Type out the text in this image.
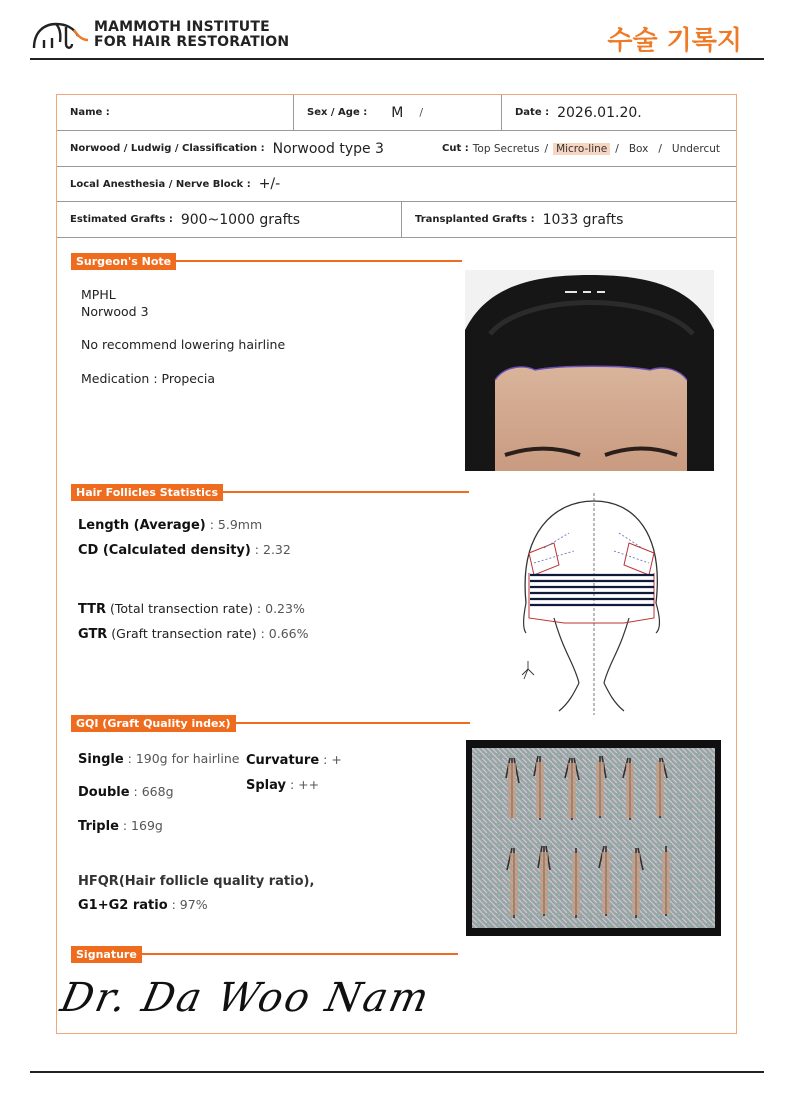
MAMMOTH INSTITUTE
FOR HAIR RESTORATION	수술 기록지
Name :	Sex / Age : M /	Date : 2026.01.20.
Norwood / Ludwig / Classification : Norwood type 3	Cut : Top Secretus / Micro-line / Box / Undercut
Local Anesthesia / Nerve Block : +/-
Estimated Grafts : 900~1000 grafts	Transplanted Grafts : 1033 grafts
Surgeon's Note
MPHL
Norwood 3
No recommend lowering hairline
Medication : Propecia
Hair Follicles Statistics
Length (Average) : 5.9mm
CD (Calculated density) : 2.32
TTR (Total transection rate) : 0.23%
GTR (Graft transection rate) : 0.66%
GQI (Graft Quality index)
Single : 190g for hairline Curvature : +
Splay : ++
Double : 668g
Triple : 169g
HFQR(Hair follicle quality ratio),
G1+G2 ratio : 97%
Signature
Dr. Da Woo Nam
